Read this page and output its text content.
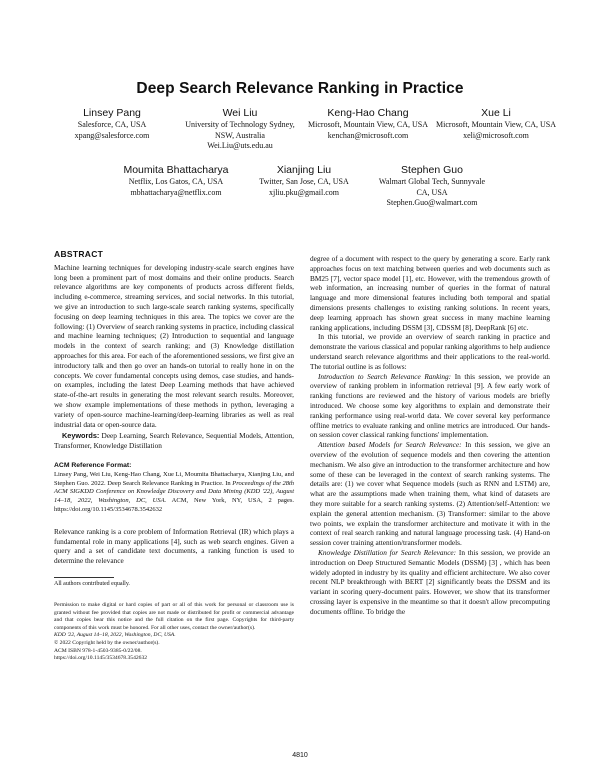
Deep Search Relevance Ranking in Practice
Linsey Pang
Salesforce, CA, USA
xpang@salesforce.com
Wei Liu
University of Technology Sydney, NSW, Australia
Wei.Liu@uts.edu.au
Keng-Hao Chang
Microsoft, Mountain View, CA, USA
kenchan@microsoft.com
Xue Li
Microsoft, Mountain View, CA, USA
xeli@microsoft.com
Moumita Bhattacharya
Netflix, Los Gatos, CA, USA
mbhattacharya@netflix.com
Xianjing Liu
Twitter, San Jose, CA, USA
xjliu.pku@gmail.com
Stephen Guo
Walmart Global Tech, Sunnyvale CA, USA
Stephen.Guo@walmart.com
ABSTRACT

Machine learning techniques for developing industry-scale search engines have long been a prominent part of most domains and their online products. Search relevance algorithms are key components of products across different fields, including e-commerce, streaming services, and social networks. In this tutorial, we give an introduction to such large-scale search ranking systems, specifically focusing on deep learning techniques in this area. The topics we cover are the following: (1) Overview of search ranking systems in practice, including classical and machine learning techniques; (2) Introduction to sequential and language models in the context of search ranking; and (3) Knowledge distillation approaches for this area. For each of the aforementioned sessions, we first give an introductory talk and then go over an hands-on tutorial to really hone in on the concepts. We cover fundamental concepts using demos, case studies, and hands-on examples, including the latest Deep Learning methods that have achieved state-of-the-art results in generating the most relevant search results. Moreover, we show example implementations of these methods in python, leveraging a variety of open-source machine-learning/deep-learning libraries as well as real industrial data or open-source data.

Keywords: Deep Learning, Search Relevance, Sequential Models, Attention, Transformer, Knowledge Distillation

ACM Reference Format:

Linsey Pang, Wei Liu, Keng-Hao Chang, Xue Li, Moumita Bhattacharya, Xianjing Liu, and Stephen Guo. 2022. Deep Search Relevance Ranking in Practice. In Proceedings of the 28th ACM SIGKDD Conference on Knowledge Discovery and Data Mining (KDD '22), August 14–18, 2022, Washington, DC, USA. ACM, New York, NY, USA, 2 pages. https://doi.org/10.1145/3534678.3542632

Relevance ranking is a core problem of Information Retrieval (IR) which plays a fundamental role in many applications [4], such as web search engines. Given a query and a set of candidate text documents, a ranking function is used to determine the relevance

All authors contributed equally.
Permission to make digital or hard copies of part or all of this work for personal or classroom use is granted without fee provided that copies are not made or distributed for profit or commercial advantage and that copies bear this notice and the full citation on the first page. Copyrights for third-party components of this work must be honored. For all other uses, contact the owner/author(s).
KDD '22, August 14–18, 2022, Washington, DC, USA.
© 2022 Copyright held by the owner/author(s).
ACM ISBN 978-1-4503-9385-0/22/08.
https://doi.org/10.1145/3534678.3542632

degree of a document with respect to the query by generating a score. Early rank approaches focus on text matching between queries and web documents such as BM25 [7], vector space model [1], etc. However, with the tremendous growth of web information, an increasing number of queries in the format of natural language and more dimensional features including both temporal and spatial dimensions presents challenges to existing ranking solutions. In recent years, deep learning approach has shown great success in many machine learning ranking applications, including DSSM [3], CDSSM [8], DeepRank [6] etc.

In this tutorial, we provide an overview of search ranking in practice and demonstrate the various classical and popular ranking algorithms to help audience understand search relevance algorithms and their applications to the real-world. The tutorial outline is as follows:

Introduction to Search Relevance Ranking: In this session, we provide an overview of ranking problem in information retrieval [9]. A few early work of ranking functions are reviewed and the history of various models are briefly introduced. We choose some key algorithms to explain and demonstrate their ranking performance using real-world data. We cover several key performance offline metrics to evaluate ranking and online metrics are introduced. Our hands-on session cover classical ranking functions' implementation.

Attention based Models for Search Relevance: In this session, we give an overview of the evolution of sequence models and then covering the attention mechanism. We also give an introduction to the transformer architecture and how some of these can be leveraged in the context of search ranking systems. The details are: (1) we cover what Sequence models (such as RNN and LSTM) are, what are the assumptions made when training them, what kind of datasets are they more suitable for a search ranking systems. (2) Attention/self-Attention: we explain the general attention mechanism. (3) Transformer: similar to the above two points, we explain the transformer architecture and motivate it with in the context of real search ranking and natural language processing task. (4) Hand-on session cover training attention/transformer models.

Knowledge Distillation for Search Relevance: In this session, we provide an introduction on Deep Structured Semantic Models (DSSM) [3] , which has been widely adopted in industry by its quality and efficient architecture. We also cover recent NLP breakthrough with BERT [2] significantly beats the DSSM and its variant in scoring query-document pairs. However, we show that its transformer crossing layer is expensive in the meantime so that it doesn't allow precomputing documents offline. To bridge the

4810
